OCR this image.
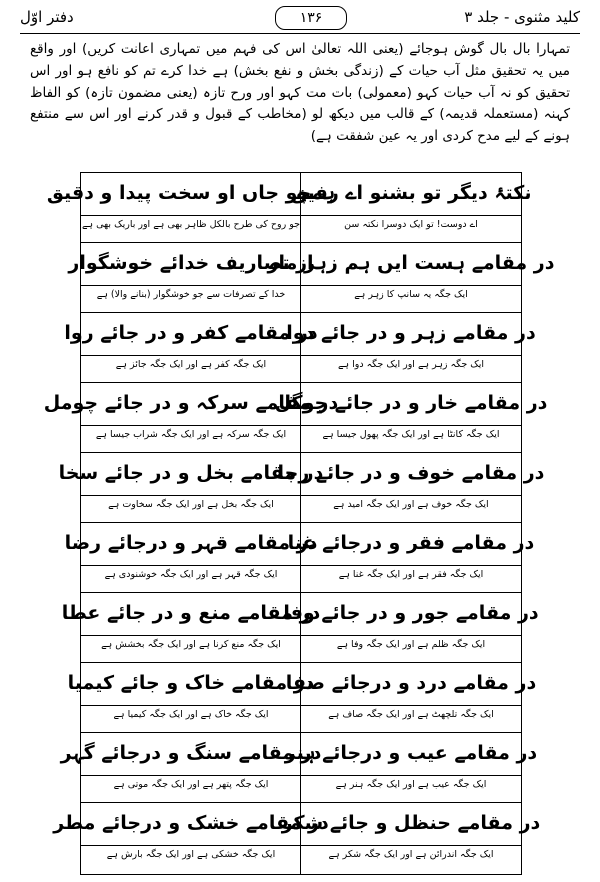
کلید مثنوی - جلد ۳
۱۳۶
دفتر اوّل
تمہارا بال بال گوش ہوجائے (یعنی اللہ تعالیٰ اس کی فہم میں تمہاری اعانت کریں) اور واقع میں یہ تحقیق مثل آب حیات کے (زندگی بخش و نفع بخش) ہے خدا کرے تم کو نافع ہو اور اس تحقیق کو نہ آب حیات کہو (معمولی) بات مت کہو اور ورح تازہ (یعنی مضمون تازہ) کو الفاظ کہنہ (مستعملہ قدیمہ) کے قالب میں دیکھ لو (مخاطب کے قبول و قدر کرنے اور اس سے منتفع ہونے کے لیے مدح کردی اور یہ عین شفقت ہے)
نکتۂ دیگر تو بشنو اے رفیق
ہمچو جاں او سخت پیدا و دقیق
اے دوست! تو ایک دوسرا نکتہ سن
جو روح کی طرح بالکل ظاہر بھی ہے اور باریک بھی ہے
در مقامے ہست ایں ہم زہر مار
از تصاریف خدائے خوشگوار
ایک جگہ یہ سانپ کا زہر ہے
خدا کے تصرفات سے جو خوشگوار (بنانے والا) ہے
در مقامے زہر و در جائے دوا
در مقامے کفر و در جائے روا
ایک جگہ زہر ہے اور ایک جگہ دوا ہے
ایک جگہ کفر ہے اور ایک جگہ جائز ہے
در مقامے خار و در جائے چوگل
در مقامے سرکہ و در جائے چومل
ایک جگہ کانٹا ہے اور ایک جگہ پھول جیسا ہے
ایک جگہ سرکہ ہے اور ایک جگہ شراب جیسا ہے
در مقامے خوف و در جائے رجا
در مقامے بخل و در جائے سخا
ایک جگہ خوف ہے اور ایک جگہ امید ہے
ایک جگہ بخل ہے اور ایک جگہ سخاوت ہے
در مقامے فقر و درجائے غنا
در مقامے قہر و درجائے رضا
ایک جگہ فقر ہے اور ایک جگہ غنا ہے
ایک جگہ قہر ہے اور ایک جگہ خوشنودی ہے
در مقامے جور و در جائے وفا
در مقامے منع و در جائے عطا
ایک جگہ ظلم ہے اور ایک جگہ وفا ہے
ایک جگہ منع کرنا ہے اور ایک جگہ بخشش ہے
در مقامے درد و درجائے صفا
در مقامے خاک و جائے کیمیا
ایک جگہ تلچھٹ ہے اور ایک جگہ صاف ہے
ایک جگہ خاک ہے اور ایک جگہ کیمیا ہے
در مقامے عیب و درجائے ہنر
در مقامے سنگ و درجائے گہر
ایک جگہ عیب ہے اور ایک جگہ ہنر ہے
ایک جگہ پتھر ہے اور ایک جگہ موتی ہے
در مقامے حنظل و جائے شکر
در مقامے خشک و درجائے مطر
ایک جگہ اندرائن ہے اور ایک جگہ شکر ہے
ایک جگہ خشکی ہے اور ایک جگہ بارش ہے
